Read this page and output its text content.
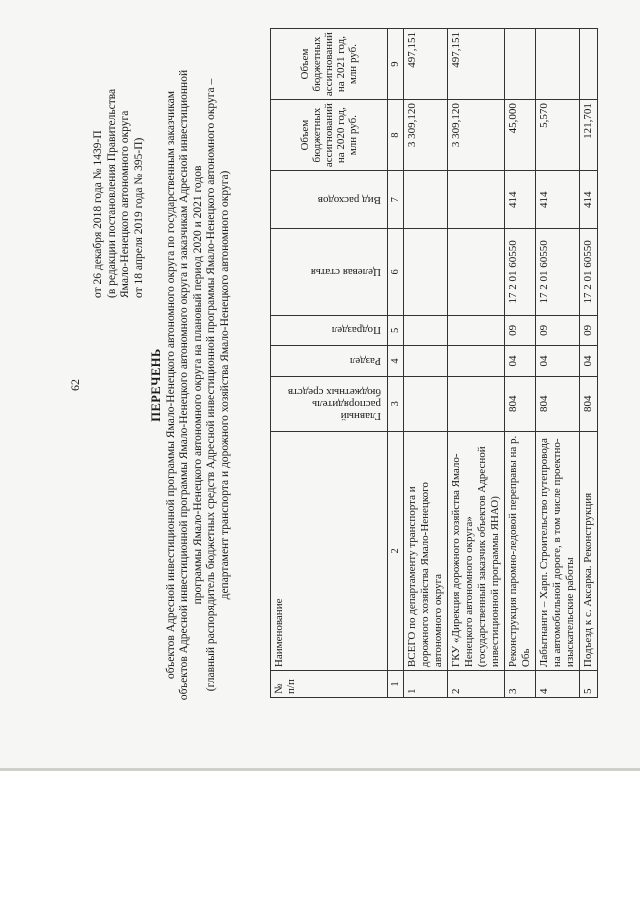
62
от 26 декабря 2018 года № 1439-П (в редакции постановления Правительства Ямало-Ненецкого автономного округа от 18 апреля 2019 года № 395-П)
ПЕРЕЧЕНЬ объектов Адресной инвестиционной программы Ямало-Ненецкого автономного округа по государственным заказчикам объектов Адресной инвестиционной программы Ямало-Ненецкого автономного округа и заказчикам Адресной инвестиционной программы Ямало-Ненецкого автономного округа на плановый период 2020 и 2021 годов (главный распорядитель бюджетных средств Адресной инвестиционной программы Ямало-Ненецкого автономного округа – департамент транспорта и дорожного хозяйства Ямало-Ненецкого автономного округа)
№ п/п	Наименование	Главный распорядитель бюджетных средств	Раздел	Подраздел	Целевая статья	Вид расходов	Объем бюджетных ассигнований на 2020 год, млн руб.	Объем бюджетных ассигнований на 2021 год, млн руб.
1	2	3	4	5	6	7	8	9
1	ВСЕГО по департаменту транспорта и дорожного хозяйства Ямало-Ненецкого автономного округа						3 309,120	497,151
2	ГКУ «Дирекция дорожного хозяйства Ямало-Ненецкого автономного округа» (государственный заказчик объектов Адресной инвестиционной программы ЯНАО)						3 309,120	497,151
3	Реконструкция паромно-ледовой переправы на р. Обь	804	04	09	17 2 01 60550	414	45,000	
4	Лабытнанги – Харп. Строительство путепровода на автомобильной дороге, в том числе проектно-изыскательские работы	804	04	09	17 2 01 60550	414	5,570	
5	Подъезд к с. Аксарка. Реконструкция	804	04	09	17 2 01 60550	414	121,701	
